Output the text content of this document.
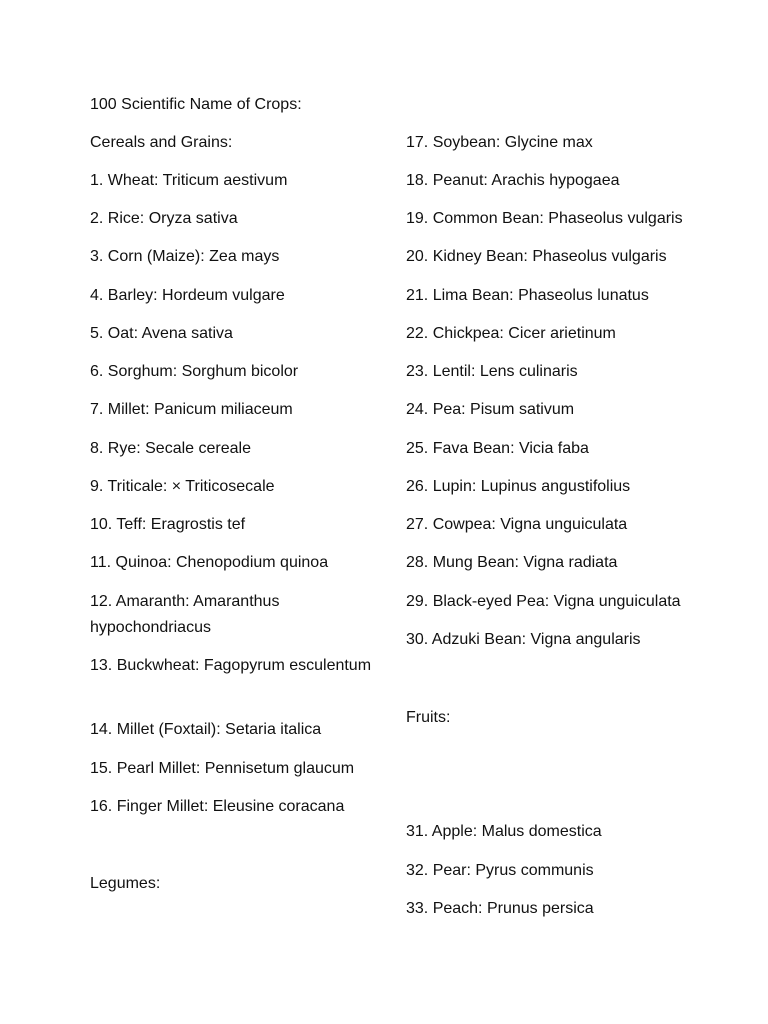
100 Scientific Name of Crops:
Cereals and Grains:
1. Wheat: Triticum aestivum
2. Rice: Oryza sativa
3. Corn (Maize): Zea mays
4. Barley: Hordeum vulgare
5. Oat: Avena sativa
6. Sorghum: Sorghum bicolor
7. Millet: Panicum miliaceum
8. Rye: Secale cereale
9. Triticale: × Triticosecale
10. Teff: Eragrostis tef
11. Quinoa: Chenopodium quinoa
12. Amaranth: Amaranthus hypochondriacus
13. Buckwheat: Fagopyrum esculentum
14. Millet (Foxtail): Setaria italica
15. Pearl Millet: Pennisetum glaucum
16. Finger Millet: Eleusine coracana
Legumes:
17. Soybean: Glycine max
18. Peanut: Arachis hypogaea
19. Common Bean: Phaseolus vulgaris
20. Kidney Bean: Phaseolus vulgaris
21. Lima Bean: Phaseolus lunatus
22. Chickpea: Cicer arietinum
23. Lentil: Lens culinaris
24. Pea: Pisum sativum
25. Fava Bean: Vicia faba
26. Lupin: Lupinus angustifolius
27. Cowpea: Vigna unguiculata
28. Mung Bean: Vigna radiata
29. Black-eyed Pea: Vigna unguiculata
30. Adzuki Bean: Vigna angularis
Fruits:
31. Apple: Malus domestica
32. Pear: Pyrus communis
33. Peach: Prunus persica
